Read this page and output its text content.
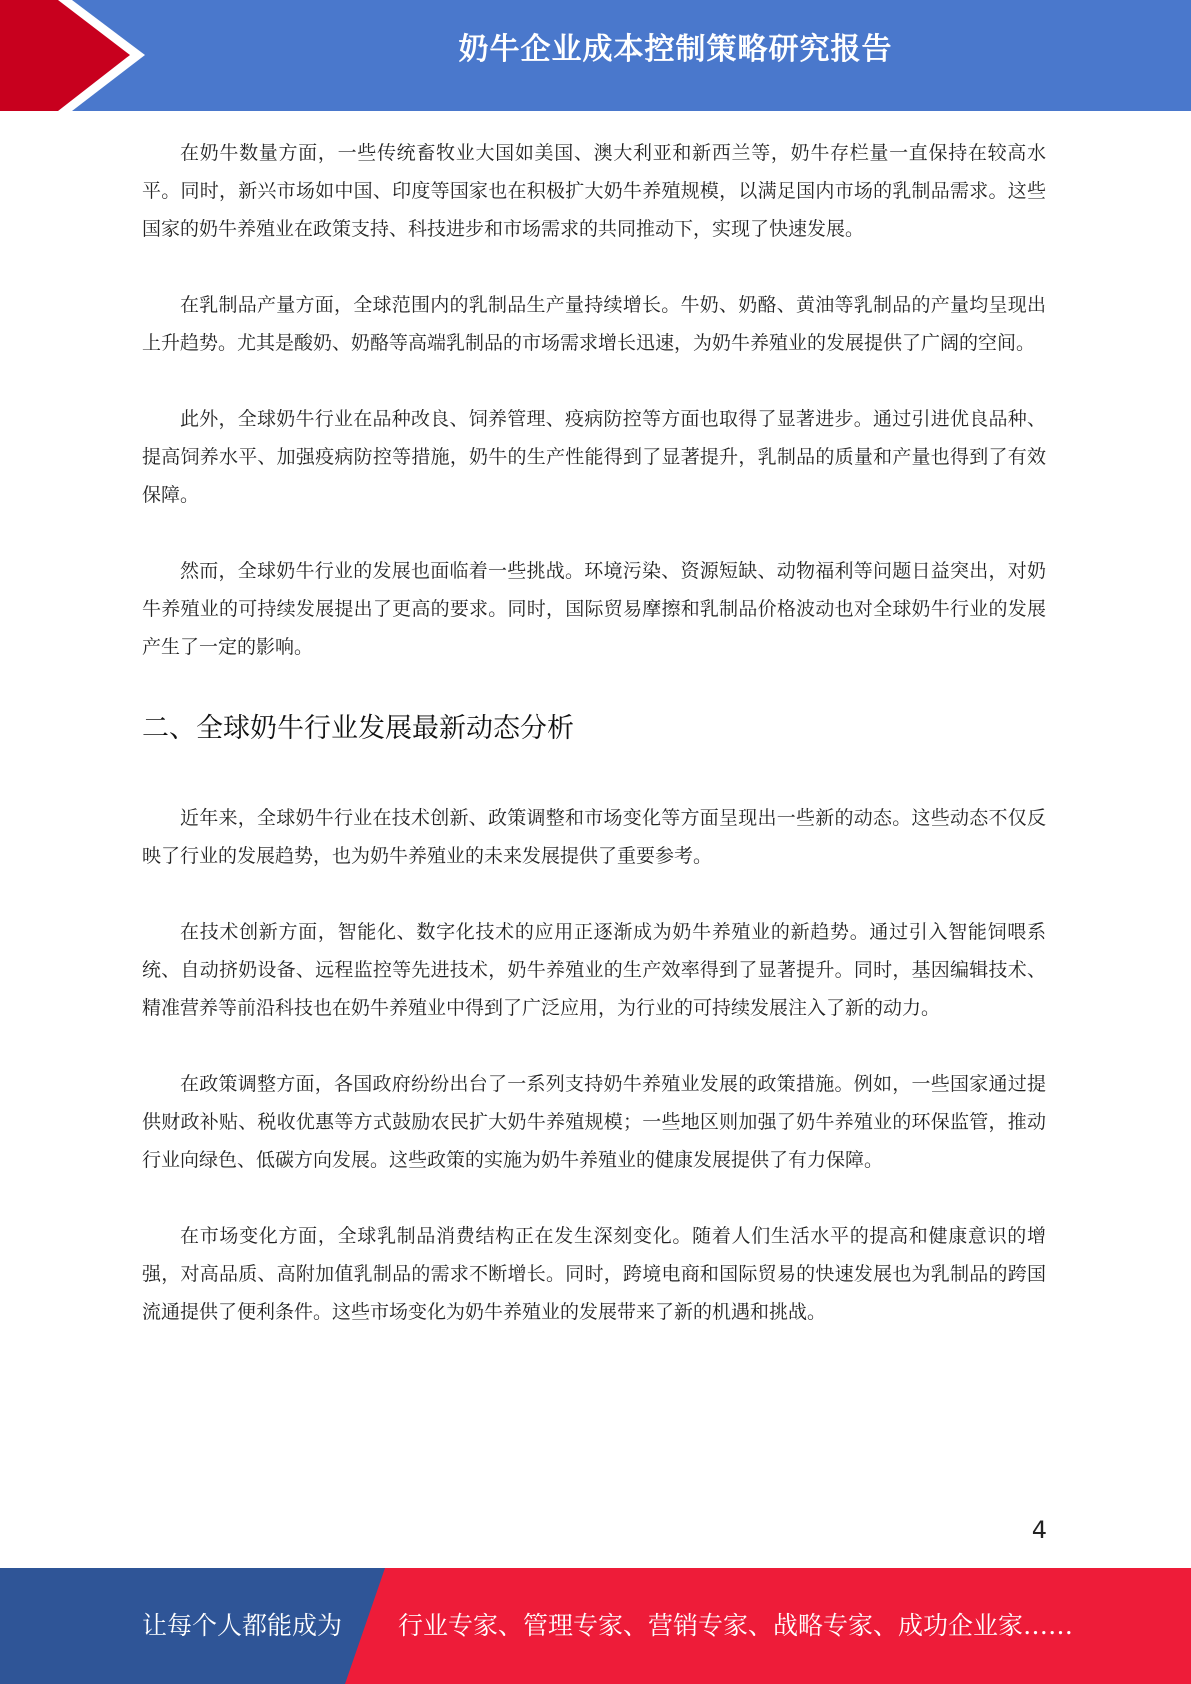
奶牛企业成本控制策略研究报告

在奶牛数量方面，一些传统畜牧业大国如美国、澳大利亚和新西兰等，奶牛存栏量一直保持在较高水平。同时，新兴市场如中国、印度等国家也在积极扩大奶牛养殖规模，以满足国内市场的乳制品需求。这些国家的奶牛养殖业在政策支持、科技进步和市场需求的共同推动下，实现了快速发展。

在乳制品产量方面，全球范围内的乳制品生产量持续增长。牛奶、奶酪、黄油等乳制品的产量均呈现出上升趋势。尤其是酸奶、奶酪等高端乳制品的市场需求增长迅速，为奶牛养殖业的发展提供了广阔的空间。

此外，全球奶牛行业在品种改良、饲养管理、疫病防控等方面也取得了显著进步。通过引进优良品种、提高饲养水平、加强疫病防控等措施，奶牛的生产性能得到了显著提升，乳制品的质量和产量也得到了有效保障。

然而，全球奶牛行业的发展也面临着一些挑战。环境污染、资源短缺、动物福利等问题日益突出，对奶牛养殖业的可持续发展提出了更高的要求。同时，国际贸易摩擦和乳制品价格波动也对全球奶牛行业的发展产生了一定的影响。

二、全球奶牛行业发展最新动态分析

近年来，全球奶牛行业在技术创新、政策调整和市场变化等方面呈现出一些新的动态。这些动态不仅反映了行业的发展趋势，也为奶牛养殖业的未来发展提供了重要参考。

在技术创新方面，智能化、数字化技术的应用正逐渐成为奶牛养殖业的新趋势。通过引入智能饲喂系统、自动挤奶设备、远程监控等先进技术，奶牛养殖业的生产效率得到了显著提升。同时，基因编辑技术、精准营养等前沿科技也在奶牛养殖业中得到了广泛应用，为行业的可持续发展注入了新的动力。

在政策调整方面，各国政府纷纷出台了一系列支持奶牛养殖业发展的政策措施。例如，一些国家通过提供财政补贴、税收优惠等方式鼓励农民扩大奶牛养殖规模；一些地区则加强了奶牛养殖业的环保监管，推动行业向绿色、低碳方向发展。这些政策的实施为奶牛养殖业的健康发展提供了有力保障。

在市场变化方面，全球乳制品消费结构正在发生深刻变化。随着人们生活水平的提高和健康意识的增强，对高品质、高附加值乳制品的需求不断增长。同时，跨境电商和国际贸易的快速发展也为乳制品的跨国流通提供了便利条件。这些市场变化为奶牛养殖业的发展带来了新的机遇和挑战。

4
让每个人都能成为 行业专家、管理专家、营销专家、战略专家、成功企业家……
